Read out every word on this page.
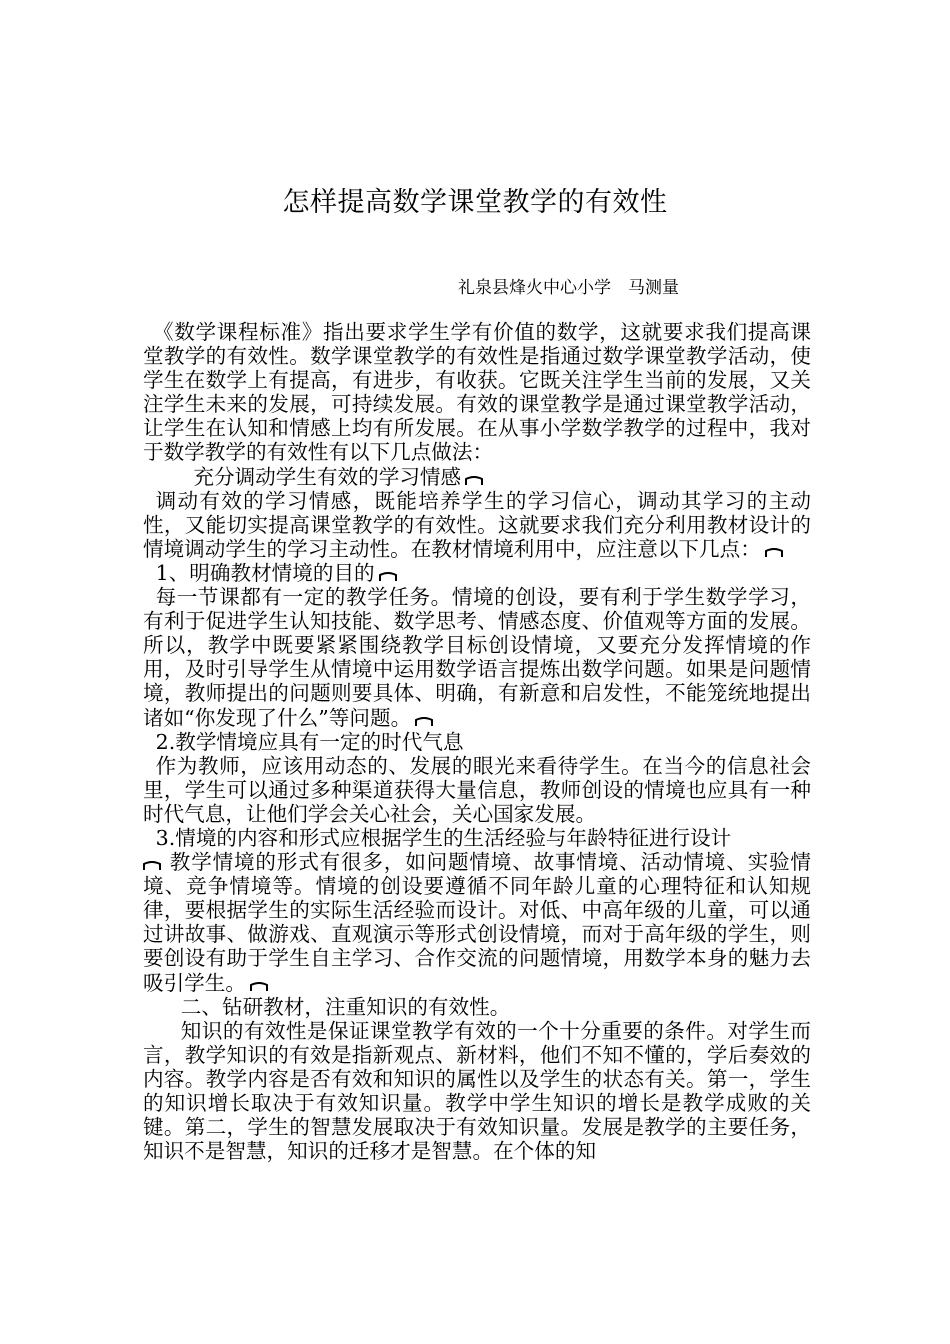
怎样提高数学课堂教学的有效性
礼泉县烽火中心小学　马测量

《数学课程标准》指出要求学生学有价值的数学，这就要求我们提高课堂教学的有效性。数学课堂教学的有效性是指通过数学课堂教学活动，使学生在数学上有提高，有进步，有收获。它既关注学生当前的发展，又关注学生未来的发展，可持续发展。有效的课堂教学是通过课堂教学活动，让学生在认知和情感上均有所发展。在从事小学数学教学的过程中，我对于数学教学的有效性有以下几点做法：

充分调动学生有效的学习情感

调动有效的学习情感，既能培养学生的学习信心，调动其学习的主动性，又能切实提高课堂教学的有效性。这就要求我们充分利用教材设计的情境调动学生的学习主动性。在教材情境利用中，应注意以下几点：

1、明确教材情境的目的

每一节课都有一定的教学任务。情境的创设，要有利于学生数学学习，有利于促进学生认知技能、数学思考、情感态度、价值观等方面的发展。所以，教学中既要紧紧围绕教学目标创设情境，又要充分发挥情境的作用，及时引导学生从情境中运用数学语言提炼出数学问题。如果是问题情境，教师提出的问题则要具体、明确，有新意和启发性，不能笼统地提出诸如“你发现了什么”等问题。

2.教学情境应具有一定的时代气息

作为教师，应该用动态的、发展的眼光来看待学生。在当今的信息社会里，学生可以通过多种渠道获得大量信息，教师创设的情境也应具有一种时代气息，让他们学会关心社会，关心国家发展。

3.情境的内容和形式应根据学生的生活经验与年龄特征进行设计

教学情境的形式有很多，如问题情境、故事情境、活动情境、实验情境、竞争情境等。情境的创设要遵循不同年龄儿童的心理特征和认知规律，要根据学生的实际生活经验而设计。对低、中高年级的儿童，可以通过讲故事、做游戏、直观演示等形式创设情境，而对于高年级的学生，则要创设有助于学生自主学习、合作交流的问题情境，用数学本身的魅力去吸引学生。

二、钻研教材，注重知识的有效性。

知识的有效性是保证课堂教学有效的一个十分重要的条件。对学生而言，教学知识的有效是指新观点、新材料，他们不知不懂的，学后奏效的内容。教学内容是否有效和知识的属性以及学生的状态有关。第一，学生的知识增长取决于有效知识量。教学中学生知识的增长是教学成败的关键。第二，学生的智慧发展取决于有效知识量。发展是教学的主要任务，知识不是智慧，知识的迁移才是智慧。在个体的知
